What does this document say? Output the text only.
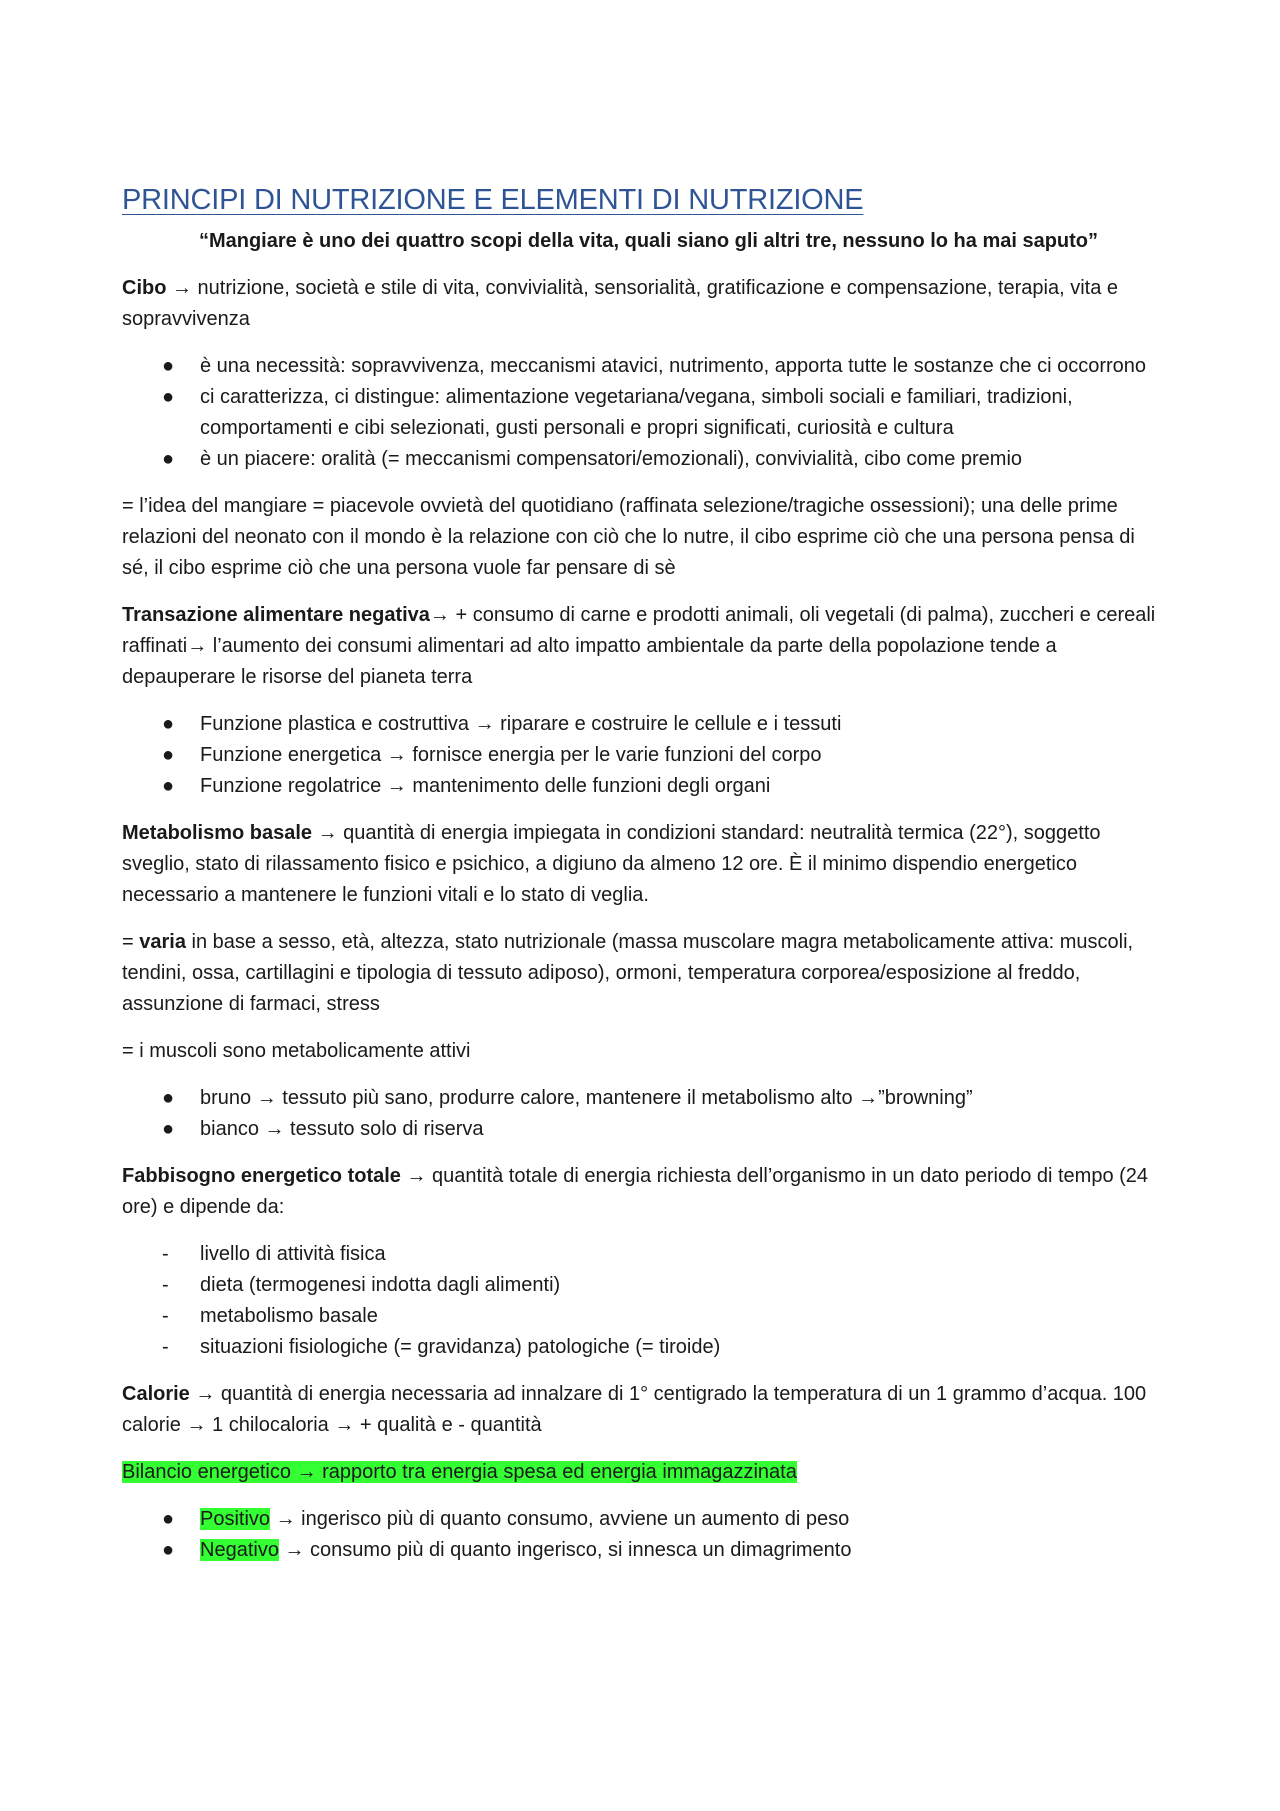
PRINCIPI DI NUTRIZIONE E ELEMENTI DI NUTRIZIONE
“Mangiare è uno dei quattro scopi della vita, quali siano gli altri tre, nessuno lo ha mai saputo”

Cibo → nutrizione, società e stile di vita, convivialità, sensorialità, gratificazione e compensazione, terapia, vita e sopravvivenza

● è una necessità: sopravvivenza, meccanismi atavici, nutrimento, apporta tutte le sostanze che ci occorrono
● ci caratterizza, ci distingue: alimentazione vegetariana/vegana, simboli sociali e familiari, tradizioni, comportamenti e cibi selezionati, gusti personali e propri significati, curiosità e cultura
● è un piacere: oralità (= meccanismi compensatori/emozionali), convivialità, cibo come premio

= l’idea del mangiare = piacevole ovvietà del quotidiano (raffinata selezione/tragiche ossessioni); una delle prime relazioni del neonato con il mondo è la relazione con ciò che lo nutre, il cibo esprime ciò che una persona pensa di sé, il cibo esprime ciò che una persona vuole far pensare di sè

Transazione alimentare negativa→ + consumo di carne e prodotti animali, oli vegetali (di palma), zuccheri e cereali raffinati→ l’aumento dei consumi alimentari ad alto impatto ambientale da parte della popolazione tende a depauperare le risorse del pianeta terra

● Funzione plastica e costruttiva → riparare e costruire le cellule e i tessuti
● Funzione energetica → fornisce energia per le varie funzioni del corpo
● Funzione regolatrice → mantenimento delle funzioni degli organi

Metabolismo basale → quantità di energia impiegata in condizioni standard: neutralità termica (22°), soggetto sveglio, stato di rilassamento fisico e psichico, a digiuno da almeno 12 ore. È il minimo dispendio energetico necessario a mantenere le funzioni vitali e lo stato di veglia.

= varia in base a sesso, età, altezza, stato nutrizionale (massa muscolare magra metabolicamente attiva: muscoli, tendini, ossa, cartillagini e tipologia di tessuto adiposo), ormoni, temperatura corporea/esposizione al freddo, assunzione di farmaci, stress

= i muscoli sono metabolicamente attivi

● bruno → tessuto più sano, produrre calore, mantenere il metabolismo alto →”browning”
● bianco → tessuto solo di riserva

Fabbisogno energetico totale → quantità totale di energia richiesta dell’organismo in un dato periodo di tempo (24 ore) e dipende da:

- livello di attività fisica
- dieta (termogenesi indotta dagli alimenti)
- metabolismo basale
- situazioni fisiologiche (= gravidanza) patologiche (= tiroide)

Calorie → quantità di energia necessaria ad innalzare di 1° centigrado la temperatura di un 1 grammo d’acqua. 100 calorie → 1 chilocaloria → + qualità e - quantità

Bilancio energetico → rapporto tra energia spesa ed energia immagazzinata

● Positivo → ingerisco più di quanto consumo, avviene un aumento di peso
● Negativo → consumo più di quanto ingerisco, si innesca un dimagrimento
